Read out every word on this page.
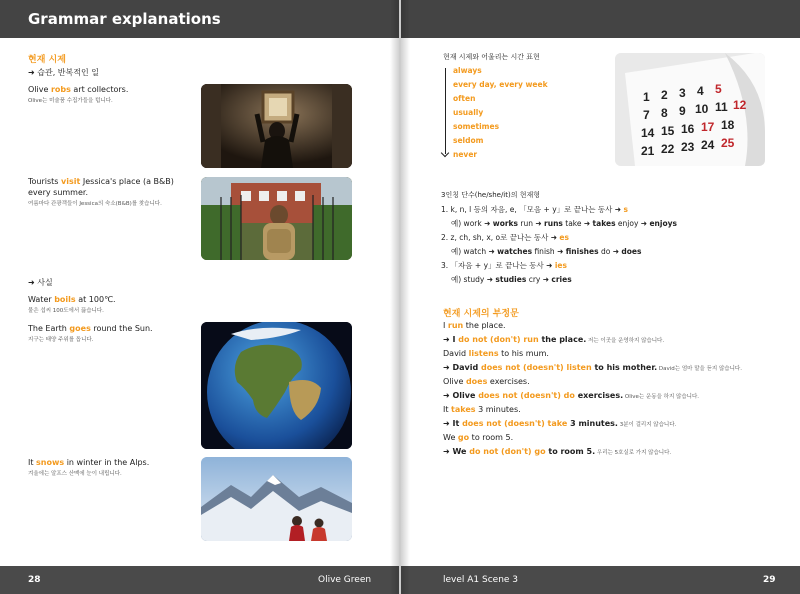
Grammar explanations
현재 시제
➜ 습관, 반복적인 일
Olive robs art collectors.
Olive는 미술품 수집가들을 텁니다.
Tourists visit Jessica's place (a B&B)
every summer.
여름마다 관광객들이 Jessica의 숙소(B&B)를 찾습니다.
➜ 사실
Water boils at 100℃.
물은 섭씨 100도에서 끓습니다.
The Earth goes round the Sun.
지구는 태양 주위를 돕니다.
It snows in winter in the Alps.
겨울에는 알프스 산맥에 눈이 내립니다.
28	Olive Green
현재 시제와 어울리는 시간 표현
always
every day, every week
often
usually
sometimes
seldom
never
1 2 3 4 5
7 8 9 10 11 12
14 15 16 17 18
21 22 23 24 25
3인칭 단수(he/she/it)의 현재형
1. k, n, l 등의 자음, e, 「모음 + y」로 끝나는 동사 ➜ s
예) work ➜ works run ➜ runs take ➜ takes enjoy ➜ enjoys
2. z, ch, sh, x, o로 끝나는 동사 ➜ es
예) watch ➜ watches finish ➜ finishes do ➜ does
3. 「자음 + y」로 끝나는 동사 ➜ ies
예) study ➜ studies cry ➜ cries
현재 시제의 부정문
I run the place.
➜ I do not (don't) run the place. 저는 이곳을 운영하지 않습니다.
David listens to his mum.
➜ David does not (doesn't) listen to his mother. David는 엄마 말을 듣지 않습니다.
Olive does exercises.
➜ Olive does not (doesn't) do exercises. Olive는 운동을 하지 않습니다.
It takes 3 minutes.
➜ It does not (doesn't) take 3 minutes. 3분이 걸리지 않습니다.
We go to room 5.
➜ We do not (don't) go to room 5. 우리는 5호실로 가지 않습니다.
level A1 Scene 3	29
